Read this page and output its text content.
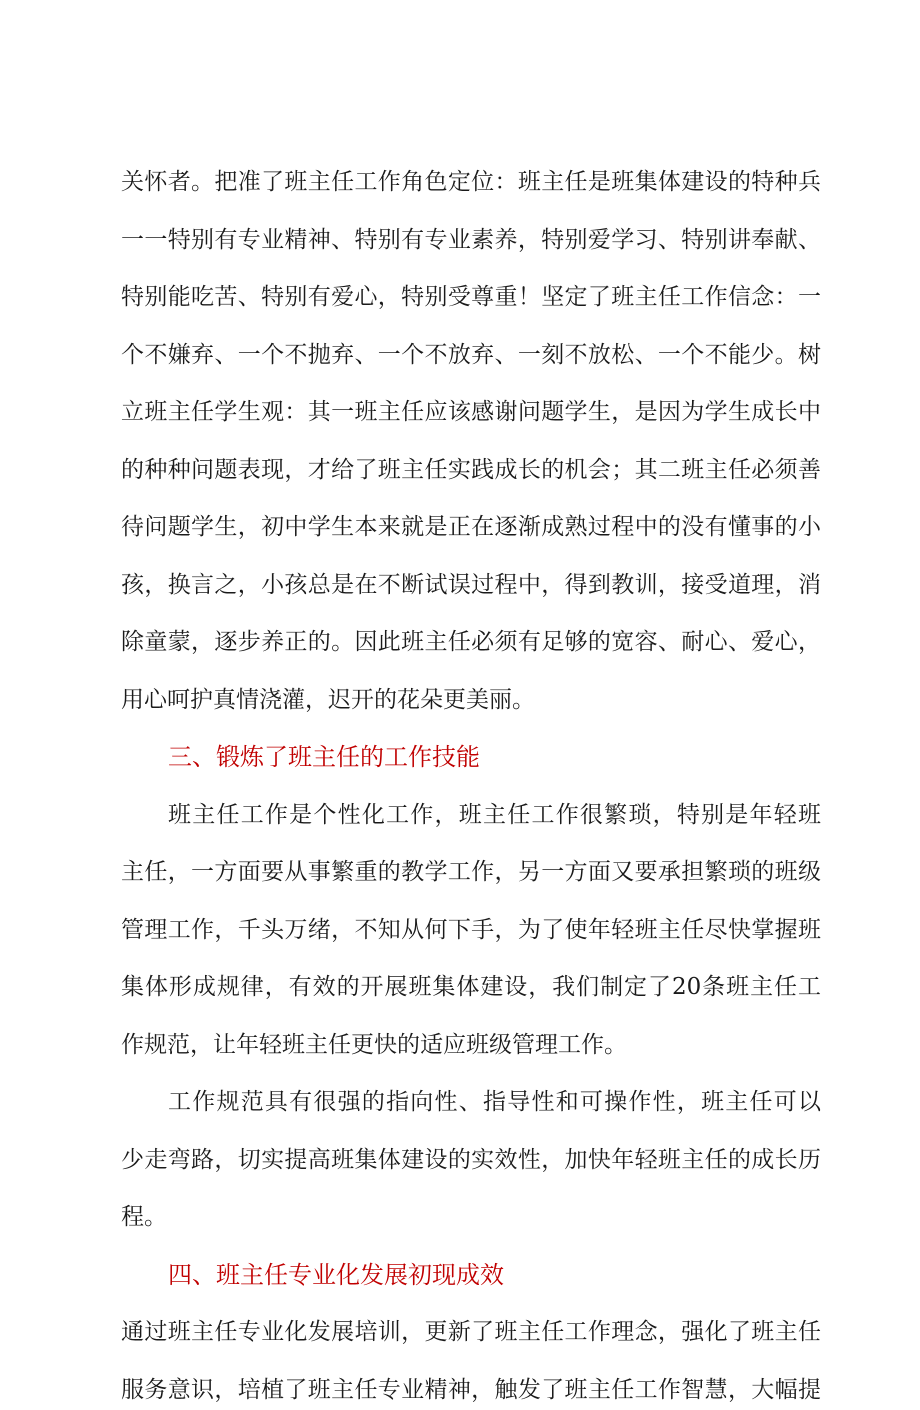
关怀者。把准了班主任工作角色定位：班主任是班集体建设的特种兵
一一特别有专业精神、特别有专业素养，特别爱学习、特别讲奉献、
特别能吃苦、特别有爱心，特别受尊重！坚定了班主任工作信念：一
个不嫌弃、一个不抛弃、一个不放弃、一刻不放松、一个不能少。树
立班主任学生观：其一班主任应该感谢问题学生，是因为学生成长中
的种种问题表现，才给了班主任实践成长的机会；其二班主任必须善
待问题学生，初中学生本来就是正在逐渐成熟过程中的没有懂事的小
孩，换言之，小孩总是在不断试误过程中，得到教训，接受道理，消
除童蒙，逐步养正的。因此班主任必须有足够的宽容、耐心、爱心，
用心呵护真情浇灌，迟开的花朵更美丽。
三、锻炼了班主任的工作技能
班主任工作是个性化工作，班主任工作很繁琐，特别是年轻班
主任，一方面要从事繁重的教学工作，另一方面又要承担繁琐的班级
管理工作，千头万绪，不知从何下手，为了使年轻班主任尽快掌握班
集体形成规律，有效的开展班集体建设，我们制定了20条班主任工
作规范，让年轻班主任更快的适应班级管理工作。
工作规范具有很强的指向性、指导性和可操作性，班主任可以
少走弯路，切实提高班集体建设的实效性，加快年轻班主任的成长历
程。
四、班主任专业化发展初现成效
通过班主任专业化发展培训，更新了班主任工作理念，强化了班主任
服务意识，培植了班主任专业精神，触发了班主任工作智慧，大幅提
